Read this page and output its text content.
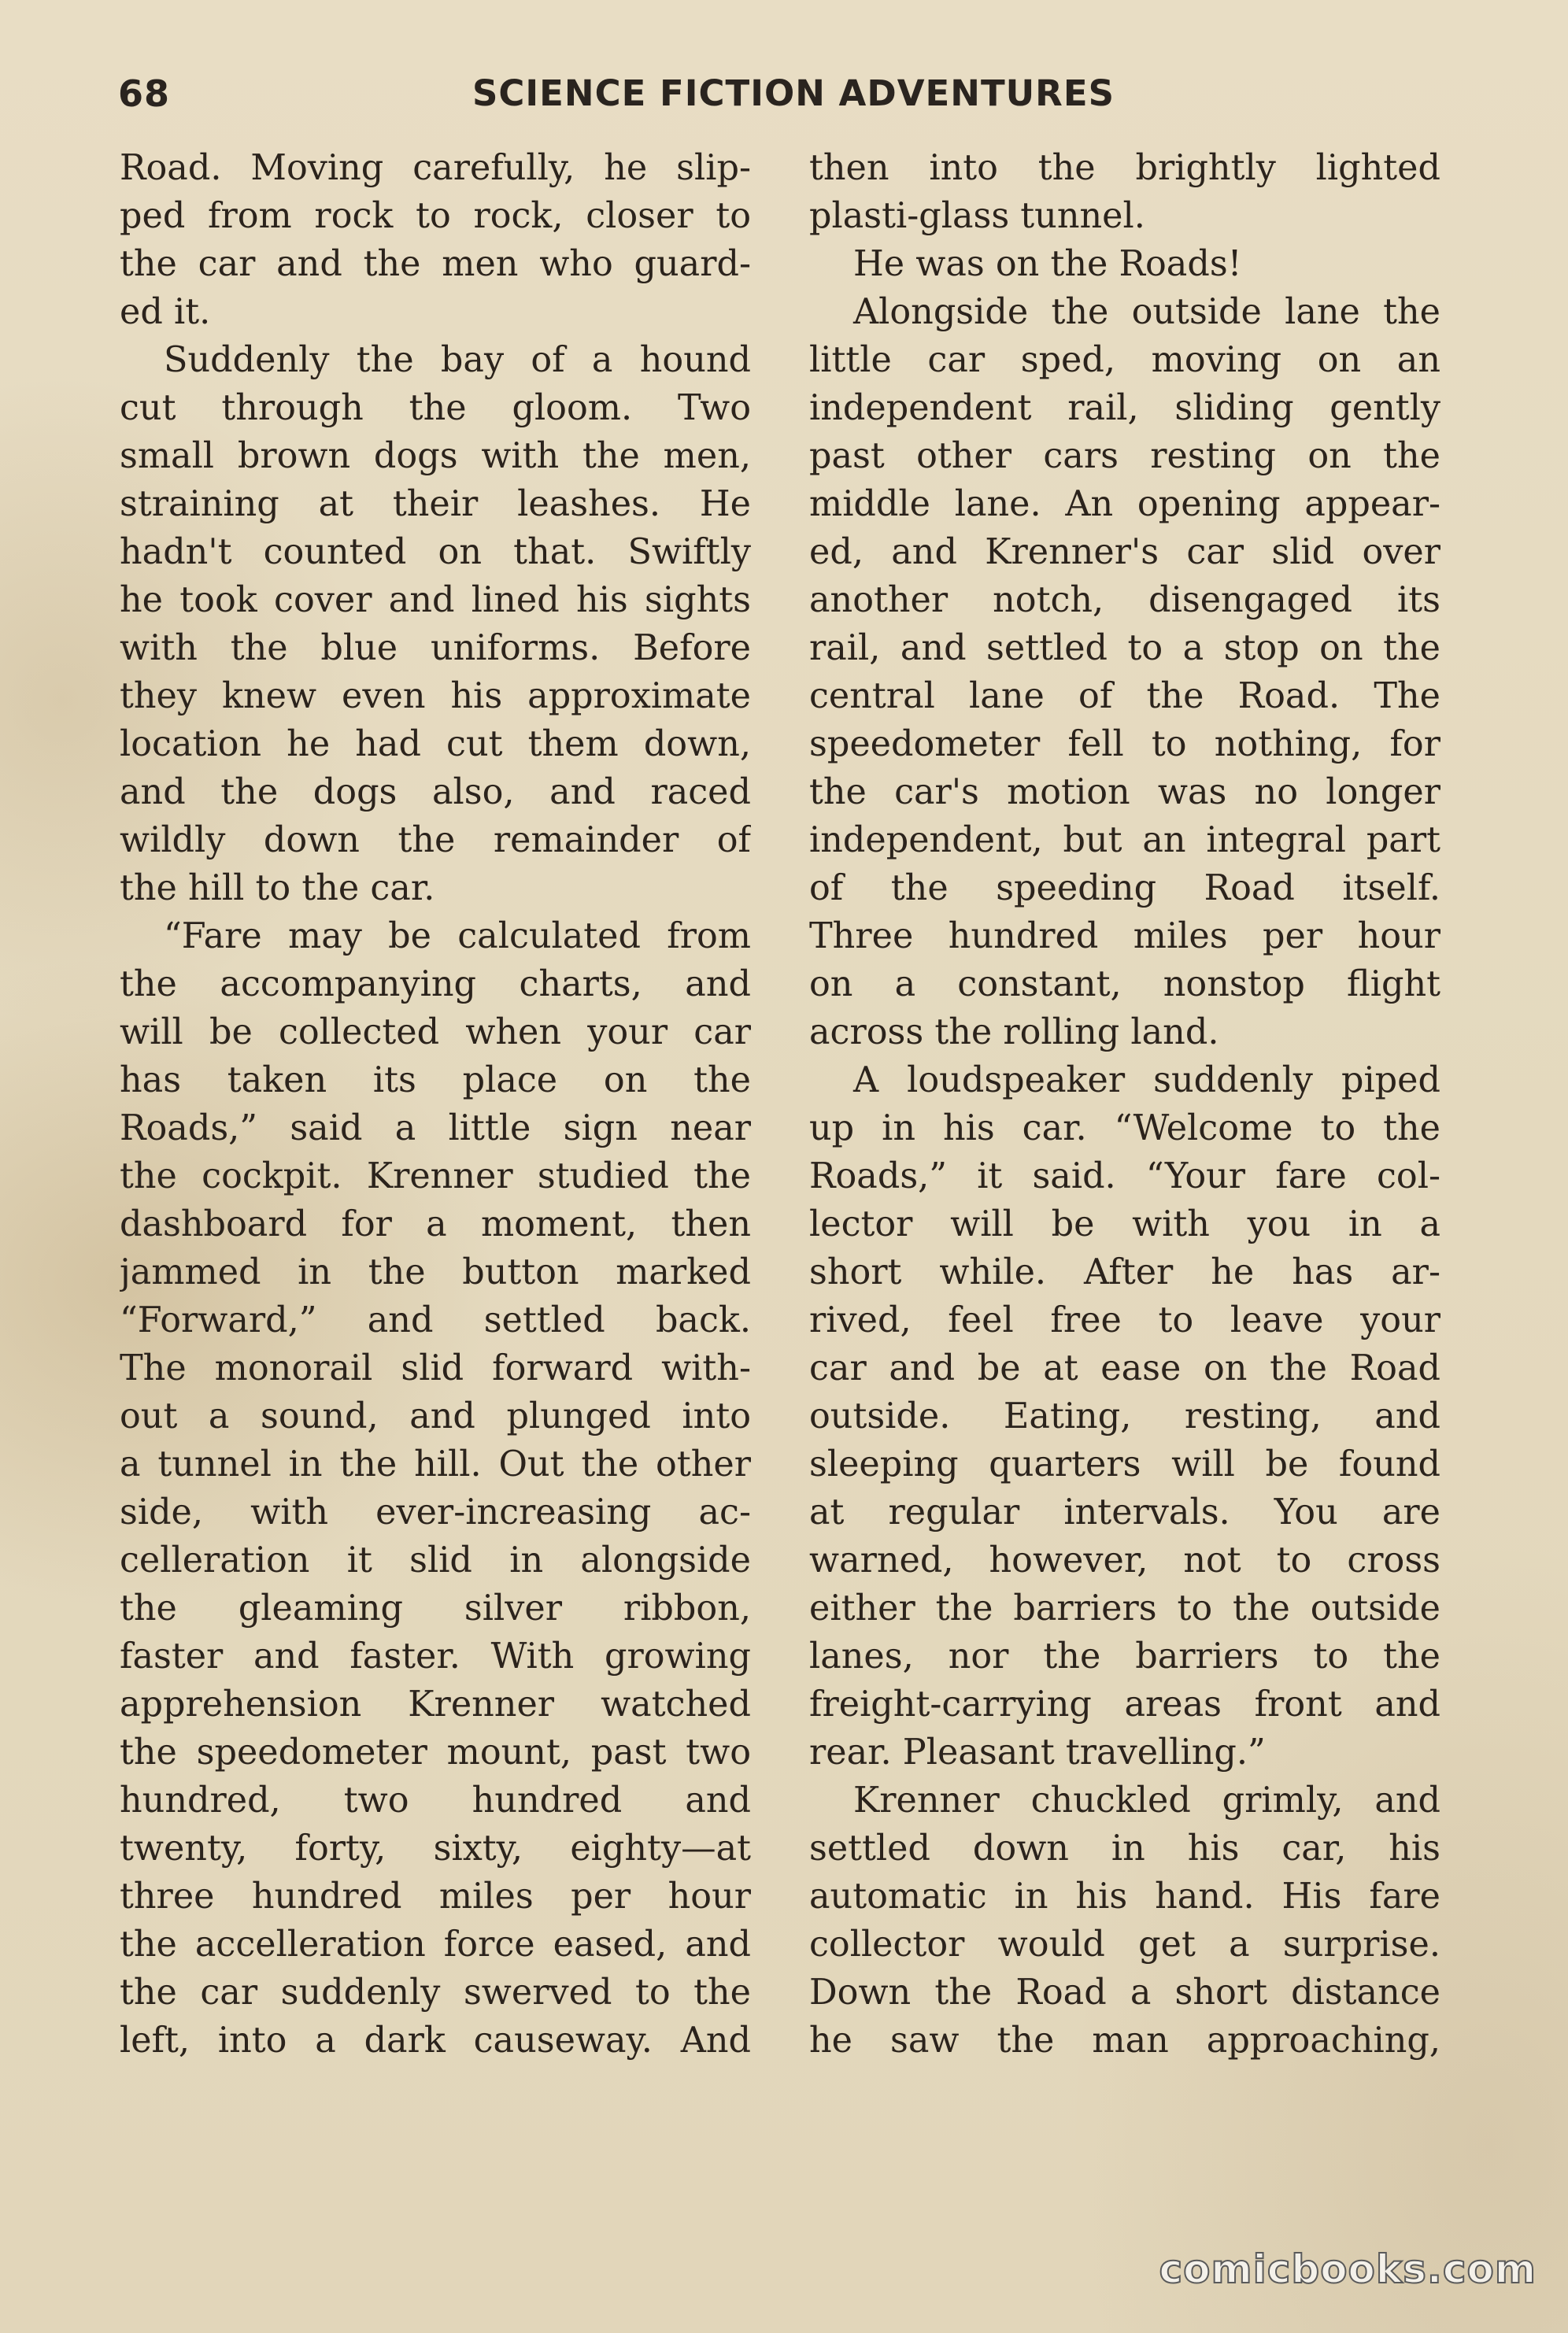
68	SCIENCE FICTION ADVENTURES
Road. Moving carefully, he slip-
ped from rock to rock, closer to
the car and the men who guard-
ed it.
Suddenly the bay of a hound
cut through the gloom. Two
small brown dogs with the men,
straining at their leashes. He
hadn't counted on that. Swiftly
he took cover and lined his sights
with the blue uniforms. Before
they knew even his approximate
location he had cut them down,
and the dogs also, and raced
wildly down the remainder of
the hill to the car.
“Fare may be calculated from
the accompanying charts, and
will be collected when your car
has taken its place on the
Roads,” said a little sign near
the cockpit. Krenner studied the
dashboard for a moment, then
jammed in the button marked
“Forward,” and settled back.
The monorail slid forward with-
out a sound, and plunged into
a tunnel in the hill. Out the other
side, with ever-increasing ac-
celleration it slid in alongside
the gleaming silver ribbon,
faster and faster. With growing
apprehension Krenner watched
the speedometer mount, past two
hundred, two hundred and
twenty, forty, sixty, eighty—at
three hundred miles per hour
the accelleration force eased, and
the car suddenly swerved to the
left, into a dark causeway. And
then into the brightly lighted
plasti-glass tunnel.
He was on the Roads!
Alongside the outside lane the
little car sped, moving on an
independent rail, sliding gently
past other cars resting on the
middle lane. An opening appear-
ed, and Krenner's car slid over
another notch, disengaged its
rail, and settled to a stop on the
central lane of the Road. The
speedometer fell to nothing, for
the car's motion was no longer
independent, but an integral part
of the speeding Road itself.
Three hundred miles per hour
on a constant, nonstop flight
across the rolling land.
A loudspeaker suddenly piped
up in his car. “Welcome to the
Roads,” it said. “Your fare col-
lector will be with you in a
short while. After he has ar-
rived, feel free to leave your
car and be at ease on the Road
outside. Eating, resting, and
sleeping quarters will be found
at regular intervals. You are
warned, however, not to cross
either the barriers to the outside
lanes, nor the barriers to the
freight-carrying areas front and
rear. Pleasant travelling.”
Krenner chuckled grimly, and
settled down in his car, his
automatic in his hand. His fare
collector would get a surprise.
Down the Road a short distance
he saw the man approaching,
comicbooks.com
